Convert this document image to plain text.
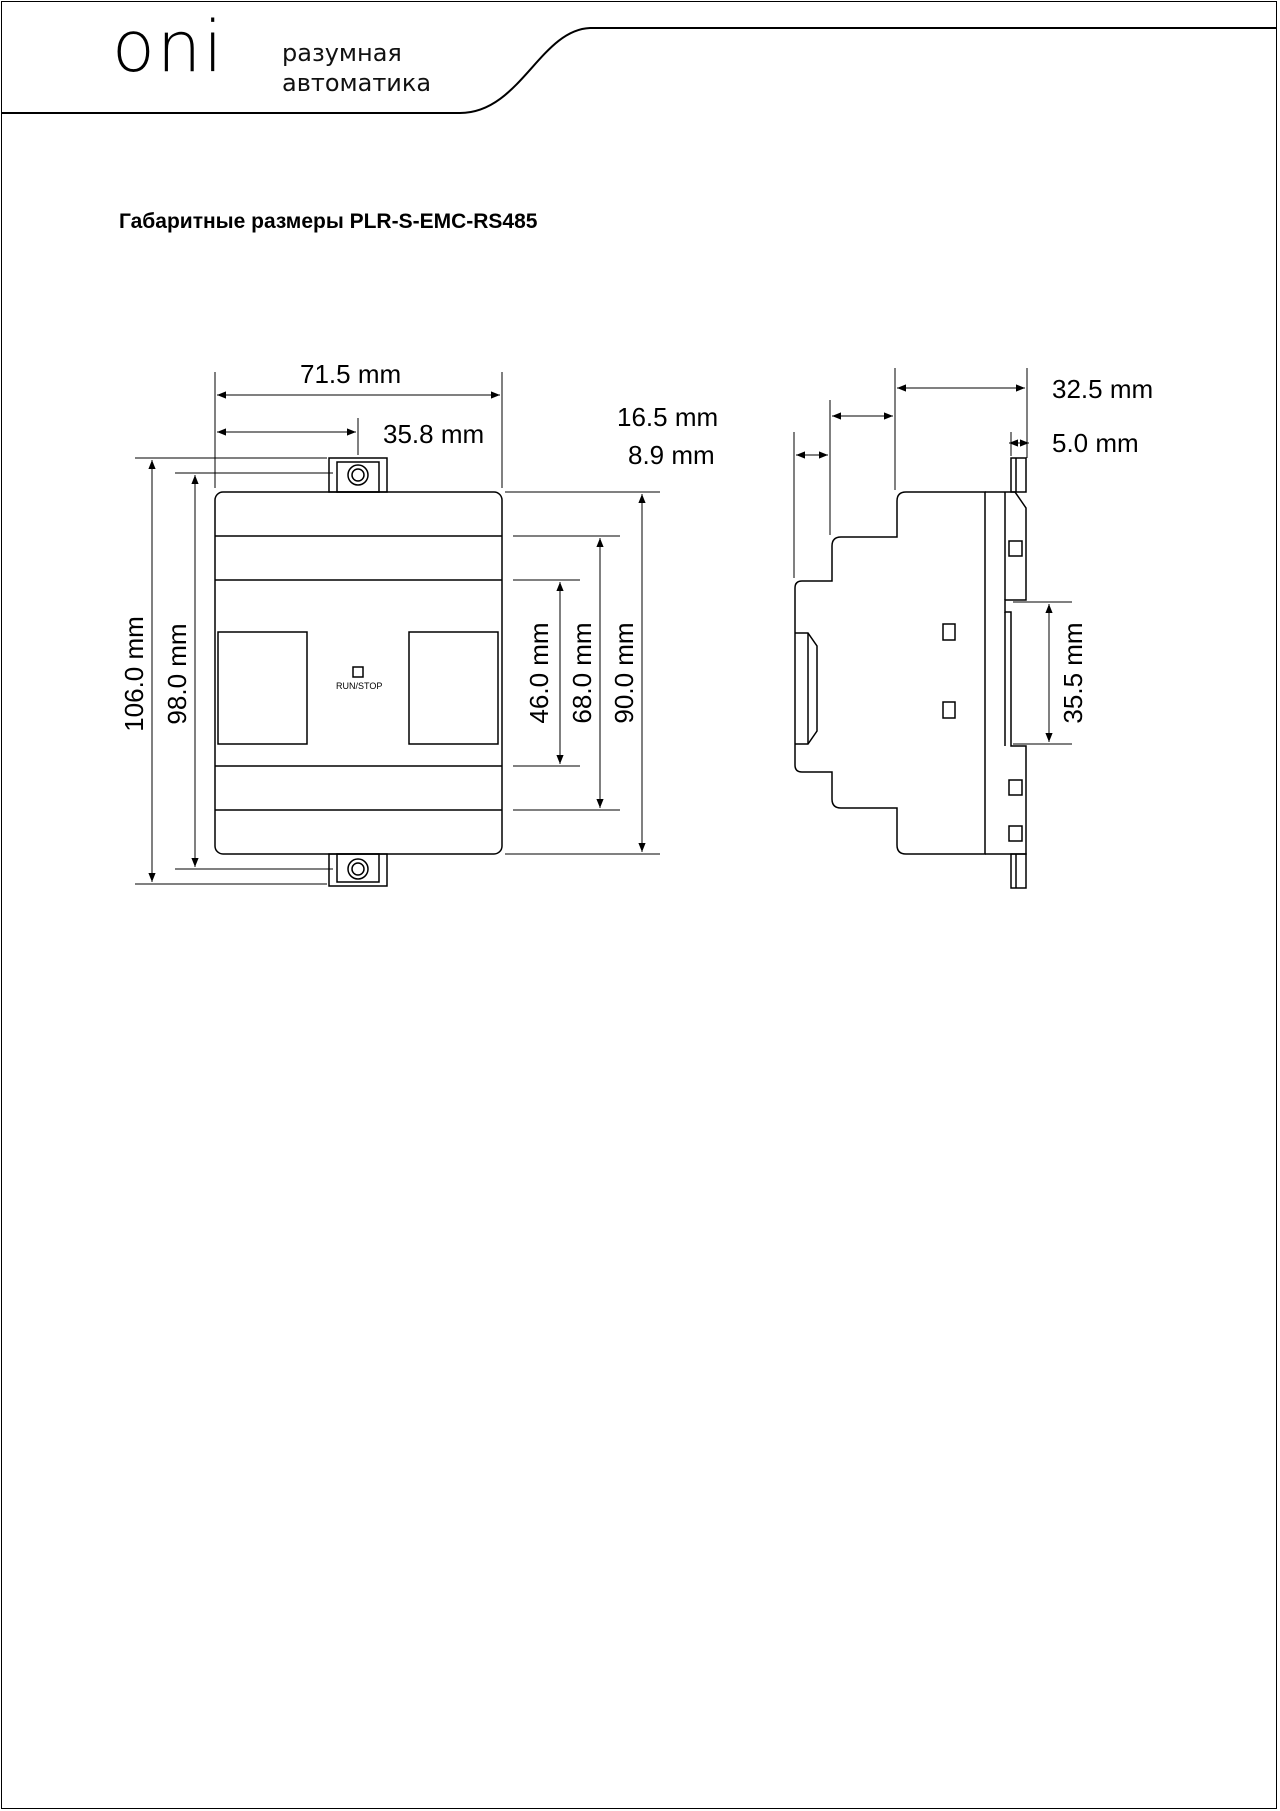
oni разумная
автоматика
Габаритные размеры PLR-S-EMC-RS485
RUN/STOP
71.5 mm
35.8 mm
106.0 mm 98.0 mm	46.0 mm 68.0 mm 90.0 mm
32.5 mm
16.5 mm
8.9 mm	5.0 mm
35.5 mm
